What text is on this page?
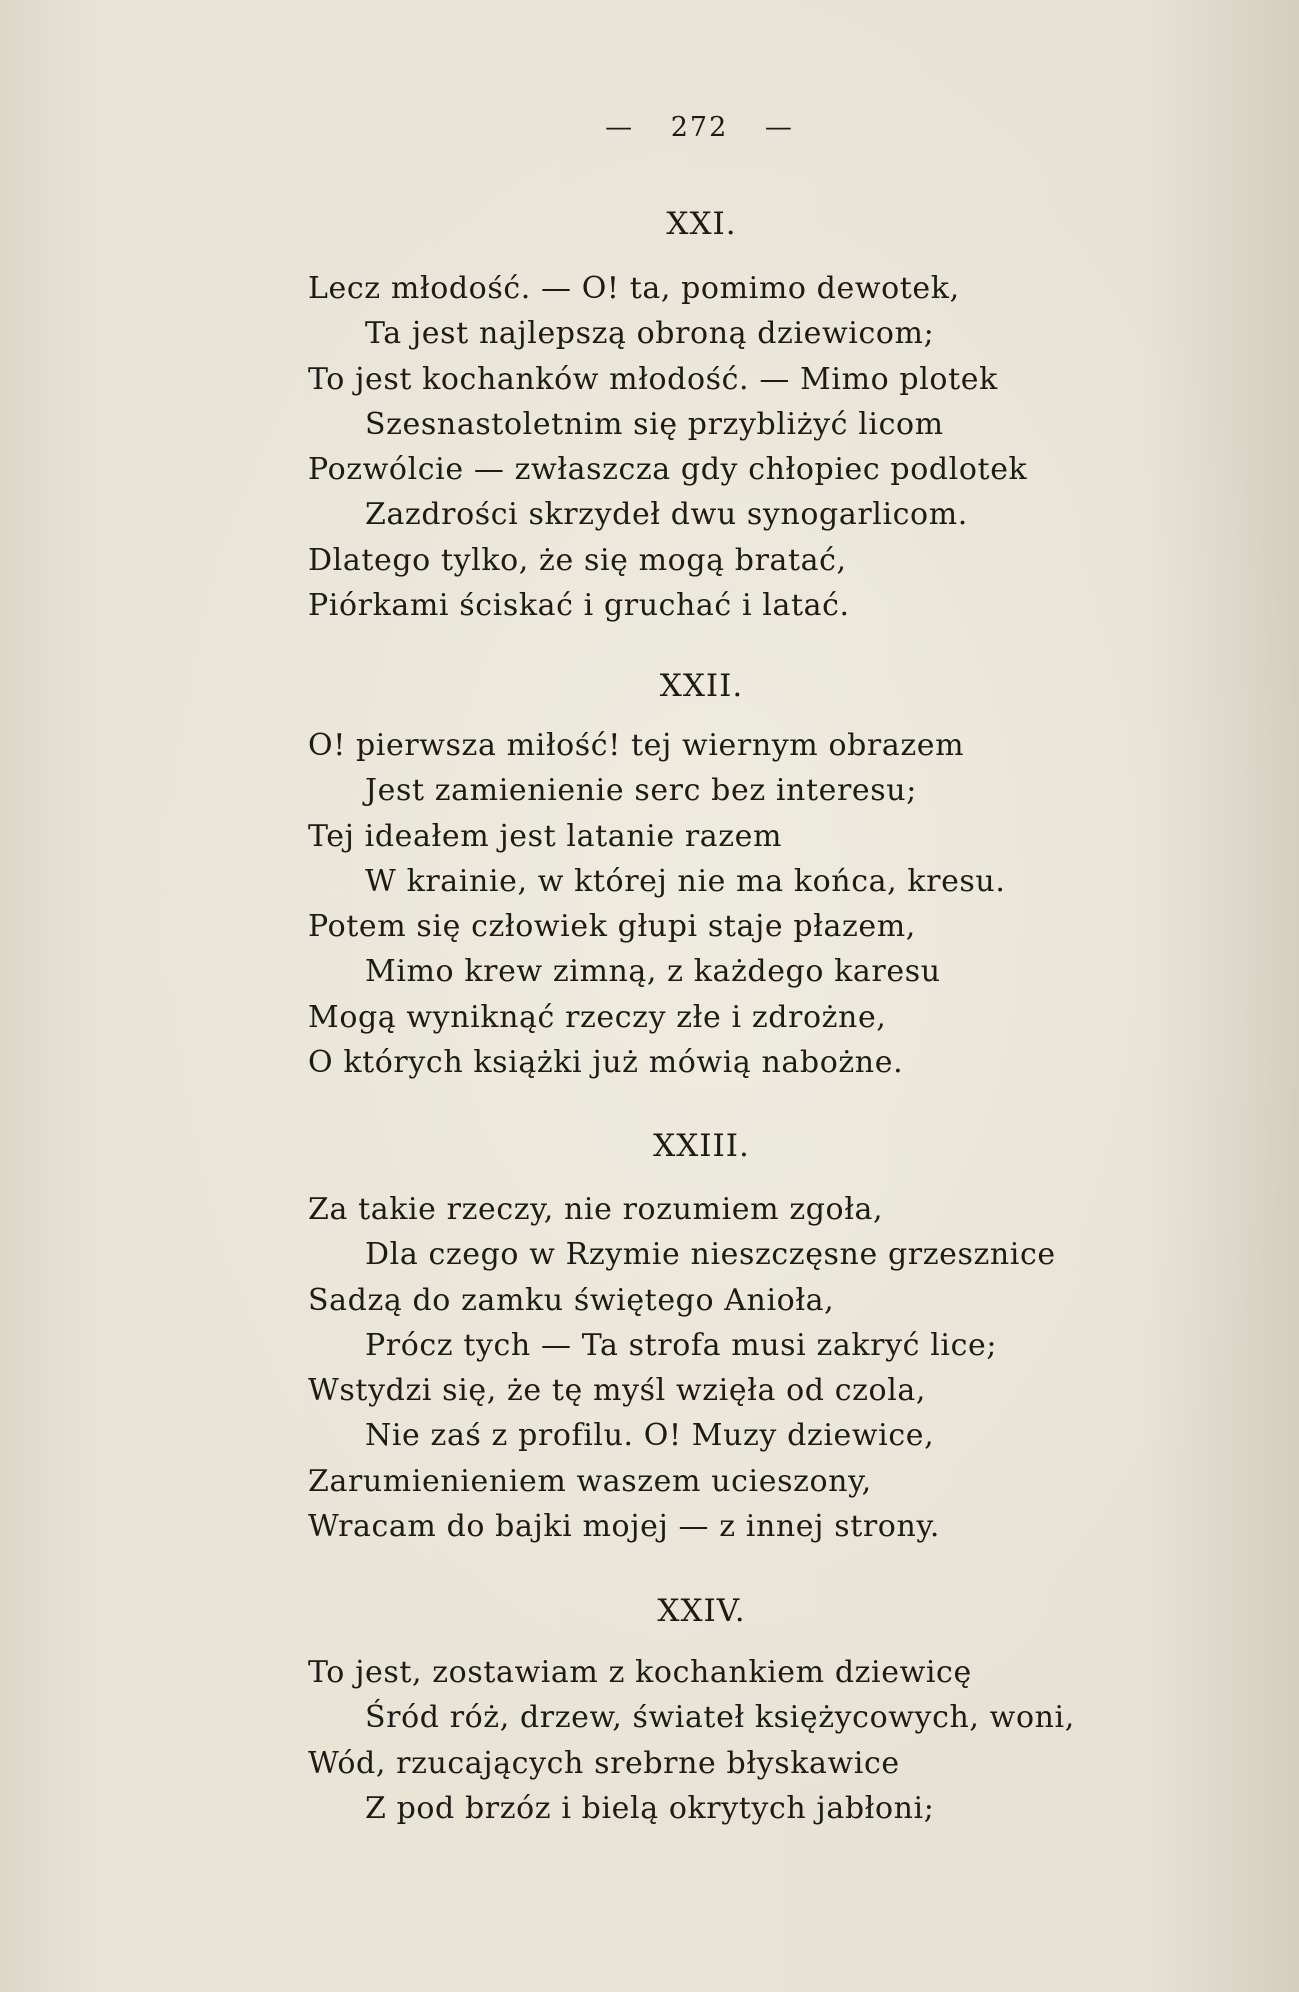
— 272 —
XXI.
Lecz młodość. — O! ta, pomimo dewotek,
Ta jest najlepszą obroną dziewicom;
To jest kochanków młodość. — Mimo plotek
Szesnastoletnim się przybliżyć licom
Pozwólcie — zwłaszcza gdy chłopiec podlotek
Zazdrości skrzydeł dwu synogarlicom.
Dlatego tylko, że się mogą bratać,
Piórkami ściskać i gruchać i latać.
XXII.
O! pierwsza miłość! tej wiernym obrazem
Jest zamienienie serc bez interesu;
Tej ideałem jest latanie razem
W krainie, w której nie ma końca, kresu.
Potem się człowiek głupi staje płazem,
Mimo krew zimną, z każdego karesu
Mogą wyniknąć rzeczy złe i zdrożne,
O których książki już mówią nabożne.
XXIII.
Za takie rzeczy, nie rozumiem zgoła,
Dla czego w Rzymie nieszczęsne grzesznice
Sadzą do zamku świętego Anioła,
Prócz tych — Ta strofa musi zakryć lice;
Wstydzi się, że tę myśl wzięła od czola,
Nie zaś z profilu. O! Muzy dziewice,
Zarumienieniem waszem ucieszony,
Wracam do bajki mojej — z innej strony.
XXIV.
To jest, zostawiam z kochankiem dziewicę
Śród róż, drzew, świateł księżycowych, woni,
Wód, rzucających srebrne błyskawice
Z pod brzóz i bielą okrytych jabłoni;
